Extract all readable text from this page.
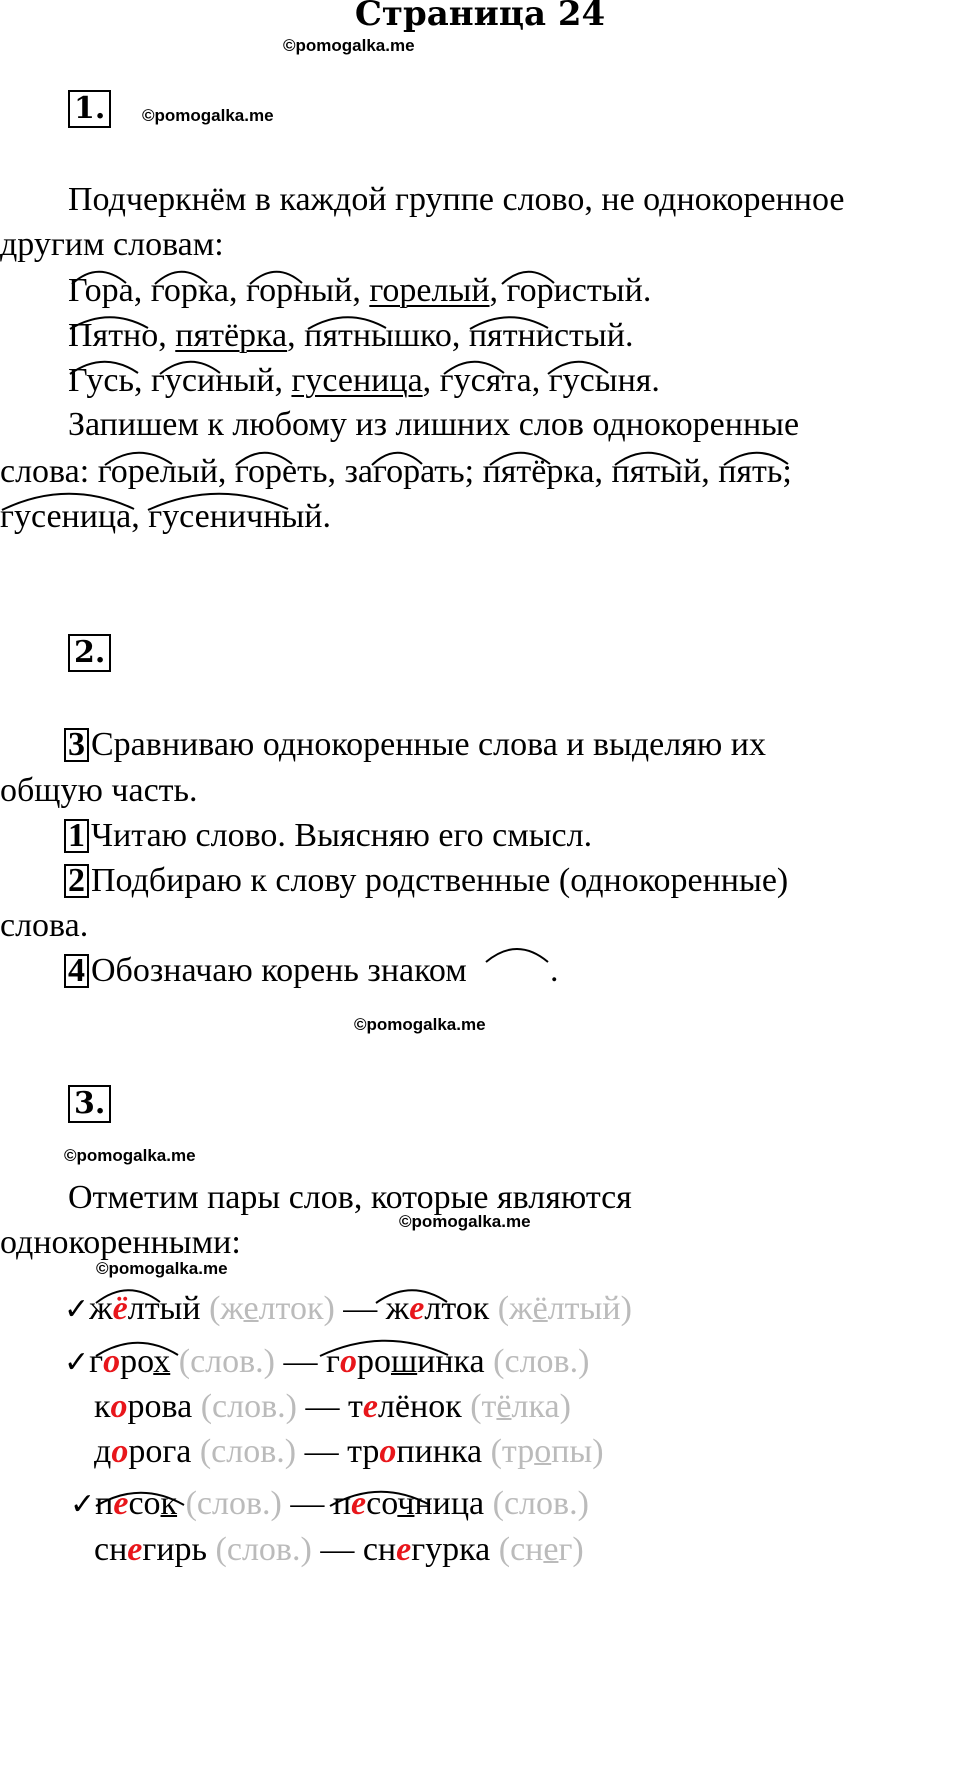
Страница 24
©pomogalka.me
1.	©pomogalka.me
Подчеркнём в каждой группе слово, не однокоренное
другим словам:
Гора, горка, горный, горелый, гористый.
Пятно, пятёрка, пятнышко, пятнистый.
Гусь, гусиный, гусеница, гусята, гусыня.
Запишем к любому из лишних слов однокоренные
слова: горелый, гореть, загорать; пятёрка, пятый, пять;
гусеница, гусеничный.
2.
3 Сравниваю однокоренные слова и выделяю их
общую часть.
1 Читаю слово. Выясняю его смысл.
2 Подбираю к слову родственные (однокоренные)
слова.
4 Обозначаю корень знаком .
©pomogalka.me
3.
©pomogalka.me
Отметим пары слов, которые являются
©pomogalka.me
однокоренными:
©pomogalka.me
✓жёлтый (желток) — желток (жёлтый)
✓горох (слов.) — горошинка (слов.)
корова (слов.) — телёнок (тёлка)
дорога (слов.) — тропинка (тропы)
✓песок (слов.) — песочница (слов.)
снегирь (слов.) — снегурка (снег)
